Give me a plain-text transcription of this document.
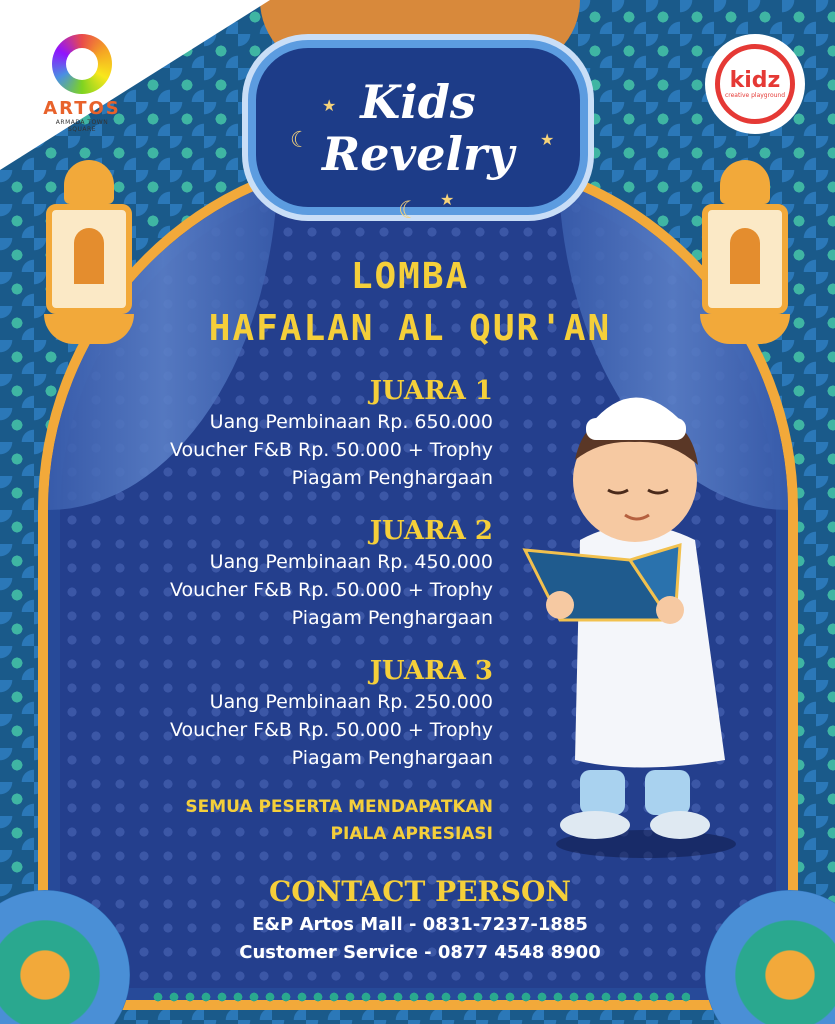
ARTOS
ARMADA TOWN SQUARE
kidz
creative playground
Kids
Revelry
★
★
★
☾
☾
LOMBA
HAFALAN AL QUR'AN
JUARA 1
Uang Pembinaan Rp. 650.000
Voucher F&B Rp. 50.000 + Trophy
Piagam Penghargaan
JUARA 2
Uang Pembinaan Rp. 450.000
Voucher F&B Rp. 50.000 + Trophy
Piagam Penghargaan
JUARA 3
Uang Pembinaan Rp. 250.000
Voucher F&B Rp. 50.000 + Trophy
Piagam Penghargaan
SEMUA PESERTA MENDAPATKAN
PIALA APRESIASI
CONTACT PERSON
E&P Artos Mall - 0831-7237-1885
Customer Service - 0877 4548 8900
